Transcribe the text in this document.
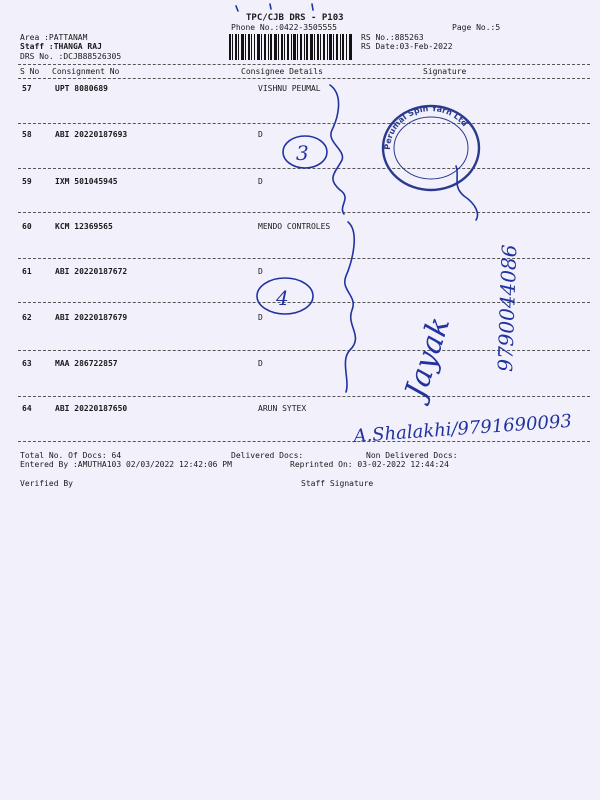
TPC/CJB DRS - P103
Phone No.:0422-3505555	Page No.:5
Area :PATTANAM
Staff :THANGA RAJ
DRS No. :DCJB88526305
RS No.:885263
RS Date:03-Feb-2022
S No Consignment No	Consignee Details	Signature
57	UPT 8080689	VISHNU PEUMAL
58	ABI 20220187693	D
59	IXM 501045945	D
60	KCM 12369565	MENDO CONTROLES
61	ABI 20220187672	D
62	ABI 20220187679	D
63	MAA 286722857	D
64	ABI 20220187650	ARUN SYTEX
Total No. Of Docs: 64	Delivered Docs:	Non Delivered Docs:
Entered By :AMUTHA103 02/03/2022 12:42:06 PM	Reprinted On: 03-02-2022 12:44:24
Verified By	Staff Signature
Perumal Spin Yarn Ltd
3
4
Jayak 9790044086
A.Shalakhi/9791690093
